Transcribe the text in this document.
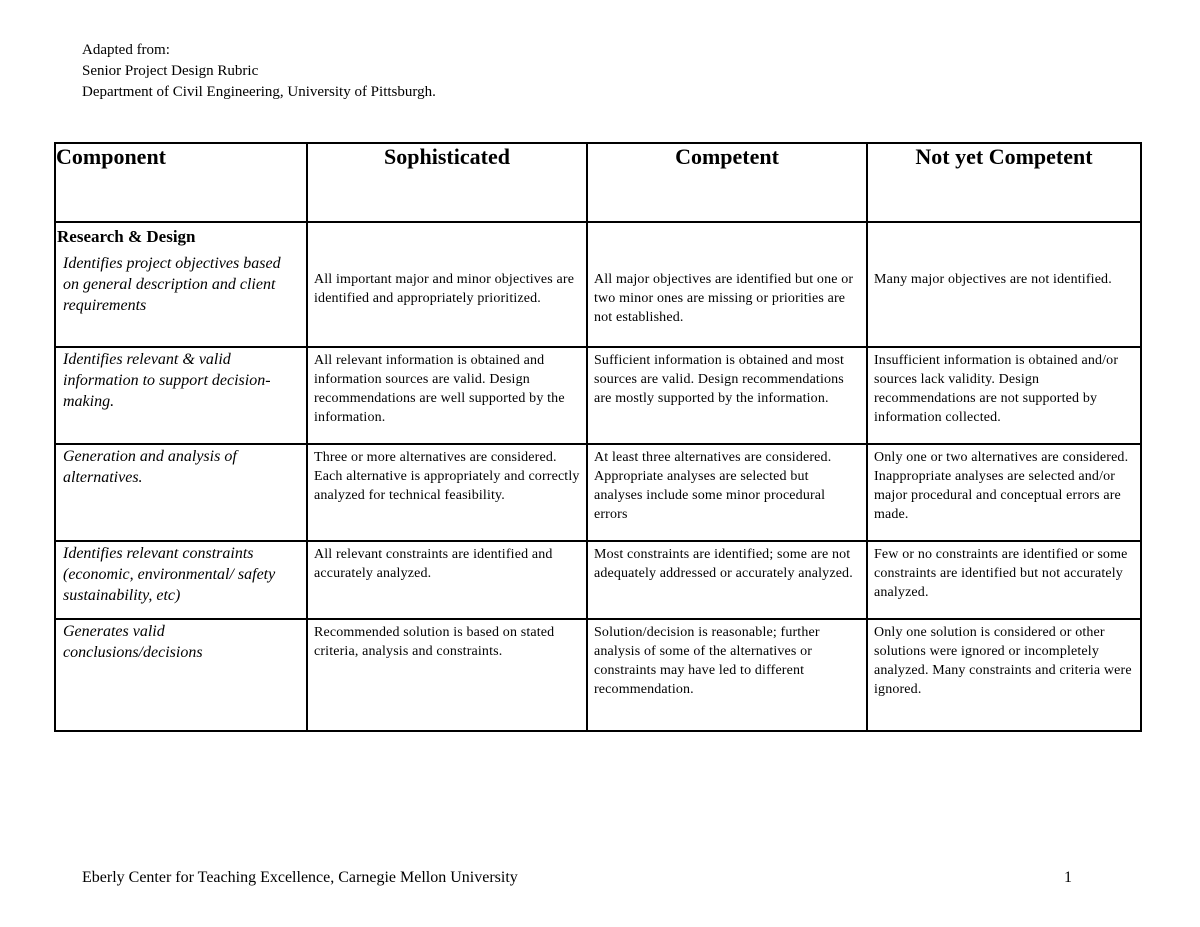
Adapted from:
Senior Project Design Rubric
Department of Civil Engineering, University of Pittsburgh.
Component	Sophisticated	Competent	Not yet Competent

Research & Design
Identifies project objectives based on general description and client requirements	All important major and minor objectives are identified and appropriately prioritized.	All major objectives are identified but one or two minor ones are missing or priorities are not established.	Many major objectives are not identified.

Identifies relevant & valid information to support decision-making.	All relevant information is obtained and information sources are valid. Design recommendations are well supported by the information.	Sufficient information is obtained and most sources are valid. Design recommendations are mostly supported by the information.	Insufficient information is obtained and/or sources lack validity. Design recommendations are not supported by information collected.

Generation and analysis of alternatives.	Three or more alternatives are considered. Each alternative is appropriately and correctly analyzed for technical feasibility.	At least three alternatives are considered. Appropriate analyses are selected but analyses include some minor procedural errors	Only one or two alternatives are considered. Inappropriate analyses are selected and/or major procedural and conceptual errors are made.

Identifies relevant constraints (economic, environmental/ safety sustainability, etc)	All relevant constraints are identified and accurately analyzed.	Most constraints are identified; some are not adequately addressed or accurately analyzed.	Few or no constraints are identified or some constraints are identified but not accurately analyzed.

Generates valid conclusions/decisions	Recommended solution is based on stated criteria, analysis and constraints.	Solution/decision is reasonable; further analysis of some of the alternatives or constraints may have led to different recommendation.	Only one solution is considered or other solutions were ignored or incompletely analyzed. Many constraints and criteria were ignored.
Eberly Center for Teaching Excellence, Carnegie Mellon University	1
